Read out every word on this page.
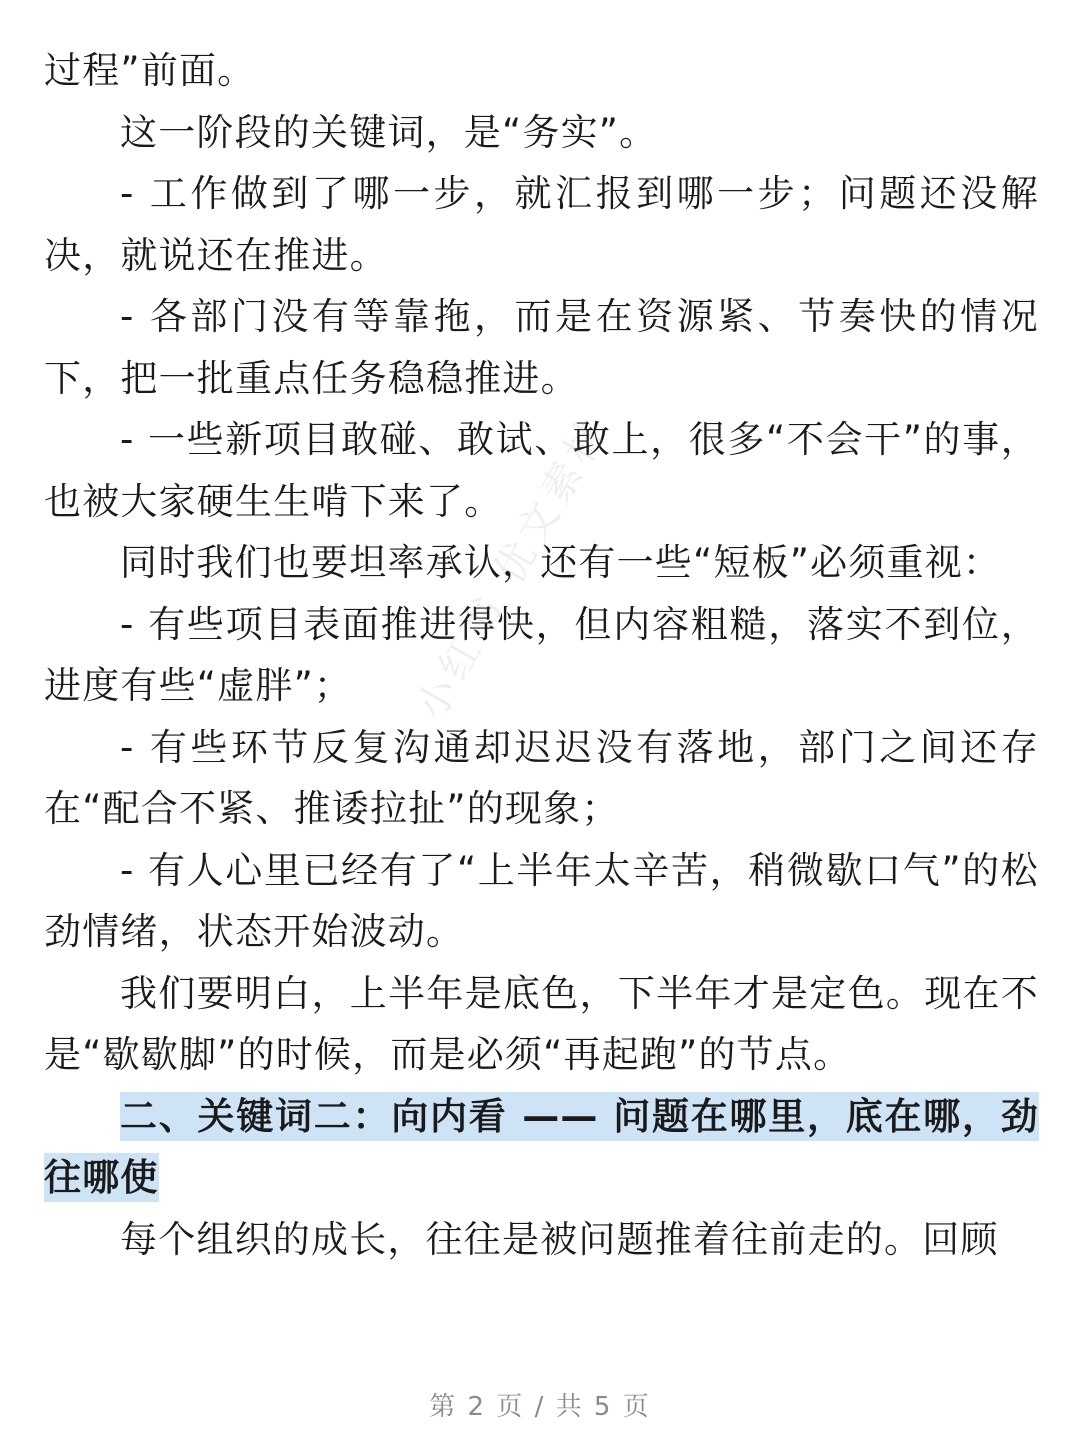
过程”前面。

这一阶段的关键词，是“务实”。

- 工作做到了哪一步，就汇报到哪一步；问题还没解决，就说还在推进。

- 各部门没有等靠拖，而是在资源紧、节奏快的情况下，把一批重点任务稳稳推进。

- 一些新项目敢碰、敢试、敢上，很多“不会干”的事，也被大家硬生生啃下来了。

同时我们也要坦率承认，还有一些“短板”必须重视：

- 有些项目表面推进得快，但内容粗糙，落实不到位，进度有些“虚胖”；

- 有些环节反复沟通却迟迟没有落地，部门之间还存在“配合不紧、推诿拉扯”的现象；

- 有人心里已经有了“上半年太辛苦，稍微歇口气”的松劲情绪，状态开始波动。

我们要明白，上半年是底色，下半年才是定色。现在不是“歇歇脚”的时候，而是必须“再起跑”的节点。

二、关键词二：向内看 —— 问题在哪里，底在哪，劲往哪使

每个组织的成长，往往是被问题推着往前走的。回顾

小红书 优文素材
第 2 页 / 共 5 页
